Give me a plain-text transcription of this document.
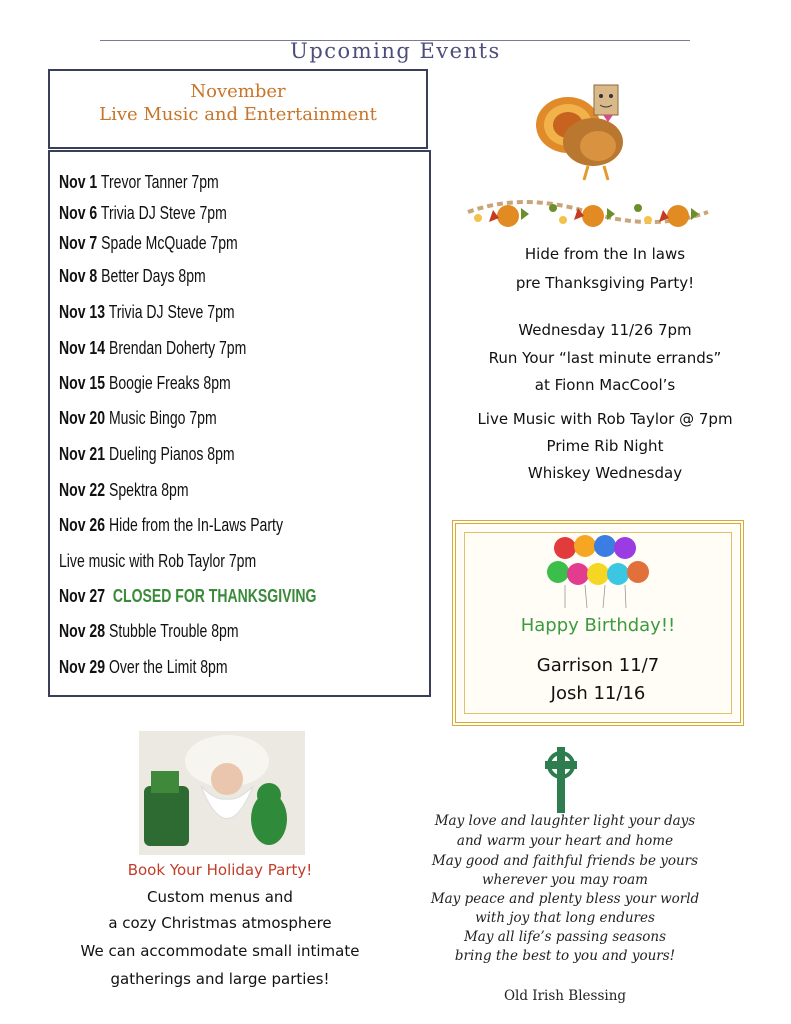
Upcoming Events
November
Live Music and Entertainment
Nov 1 Trevor Tanner 7pm
Nov 6 Trivia DJ Steve 7pm
Nov 7 Spade McQuade 7pm
Nov 8 Better Days 8pm
Nov 13 Trivia DJ Steve 7pm
Nov 14 Brendan Doherty 7pm
Nov 15 Boogie Freaks 8pm
Nov 20 Music Bingo 7pm
Nov 21 Dueling Pianos 8pm
Nov 22 Spektra 8pm
Nov 26 Hide from the In-Laws Party
Live music with Rob Taylor 7pm
Nov 27 CLOSED FOR THANKSGIVING
Nov 28 Stubble Trouble 8pm
Nov 29 Over the Limit 8pm
Hide from the In laws
pre Thanksgiving Party!
Wednesday 11/26 7pm
Run Your “last minute errands”
at Fionn MacCool’s
Live Music with Rob Taylor @ 7pm
Prime Rib Night
Whiskey Wednesday
Happy Birthday!!
Garrison 11/7
Josh 11/16
Book Your Holiday Party!
Custom menus and
a cozy Christmas atmosphere
We can accommodate small intimate
gatherings and large parties!
May love and laughter light your days
and warm your heart and home
May good and faithful friends be yours
wherever you may roam
May peace and plenty bless your world
with joy that long endures
May all life’s passing seasons
bring the best to you and yours!
Old Irish Blessing
